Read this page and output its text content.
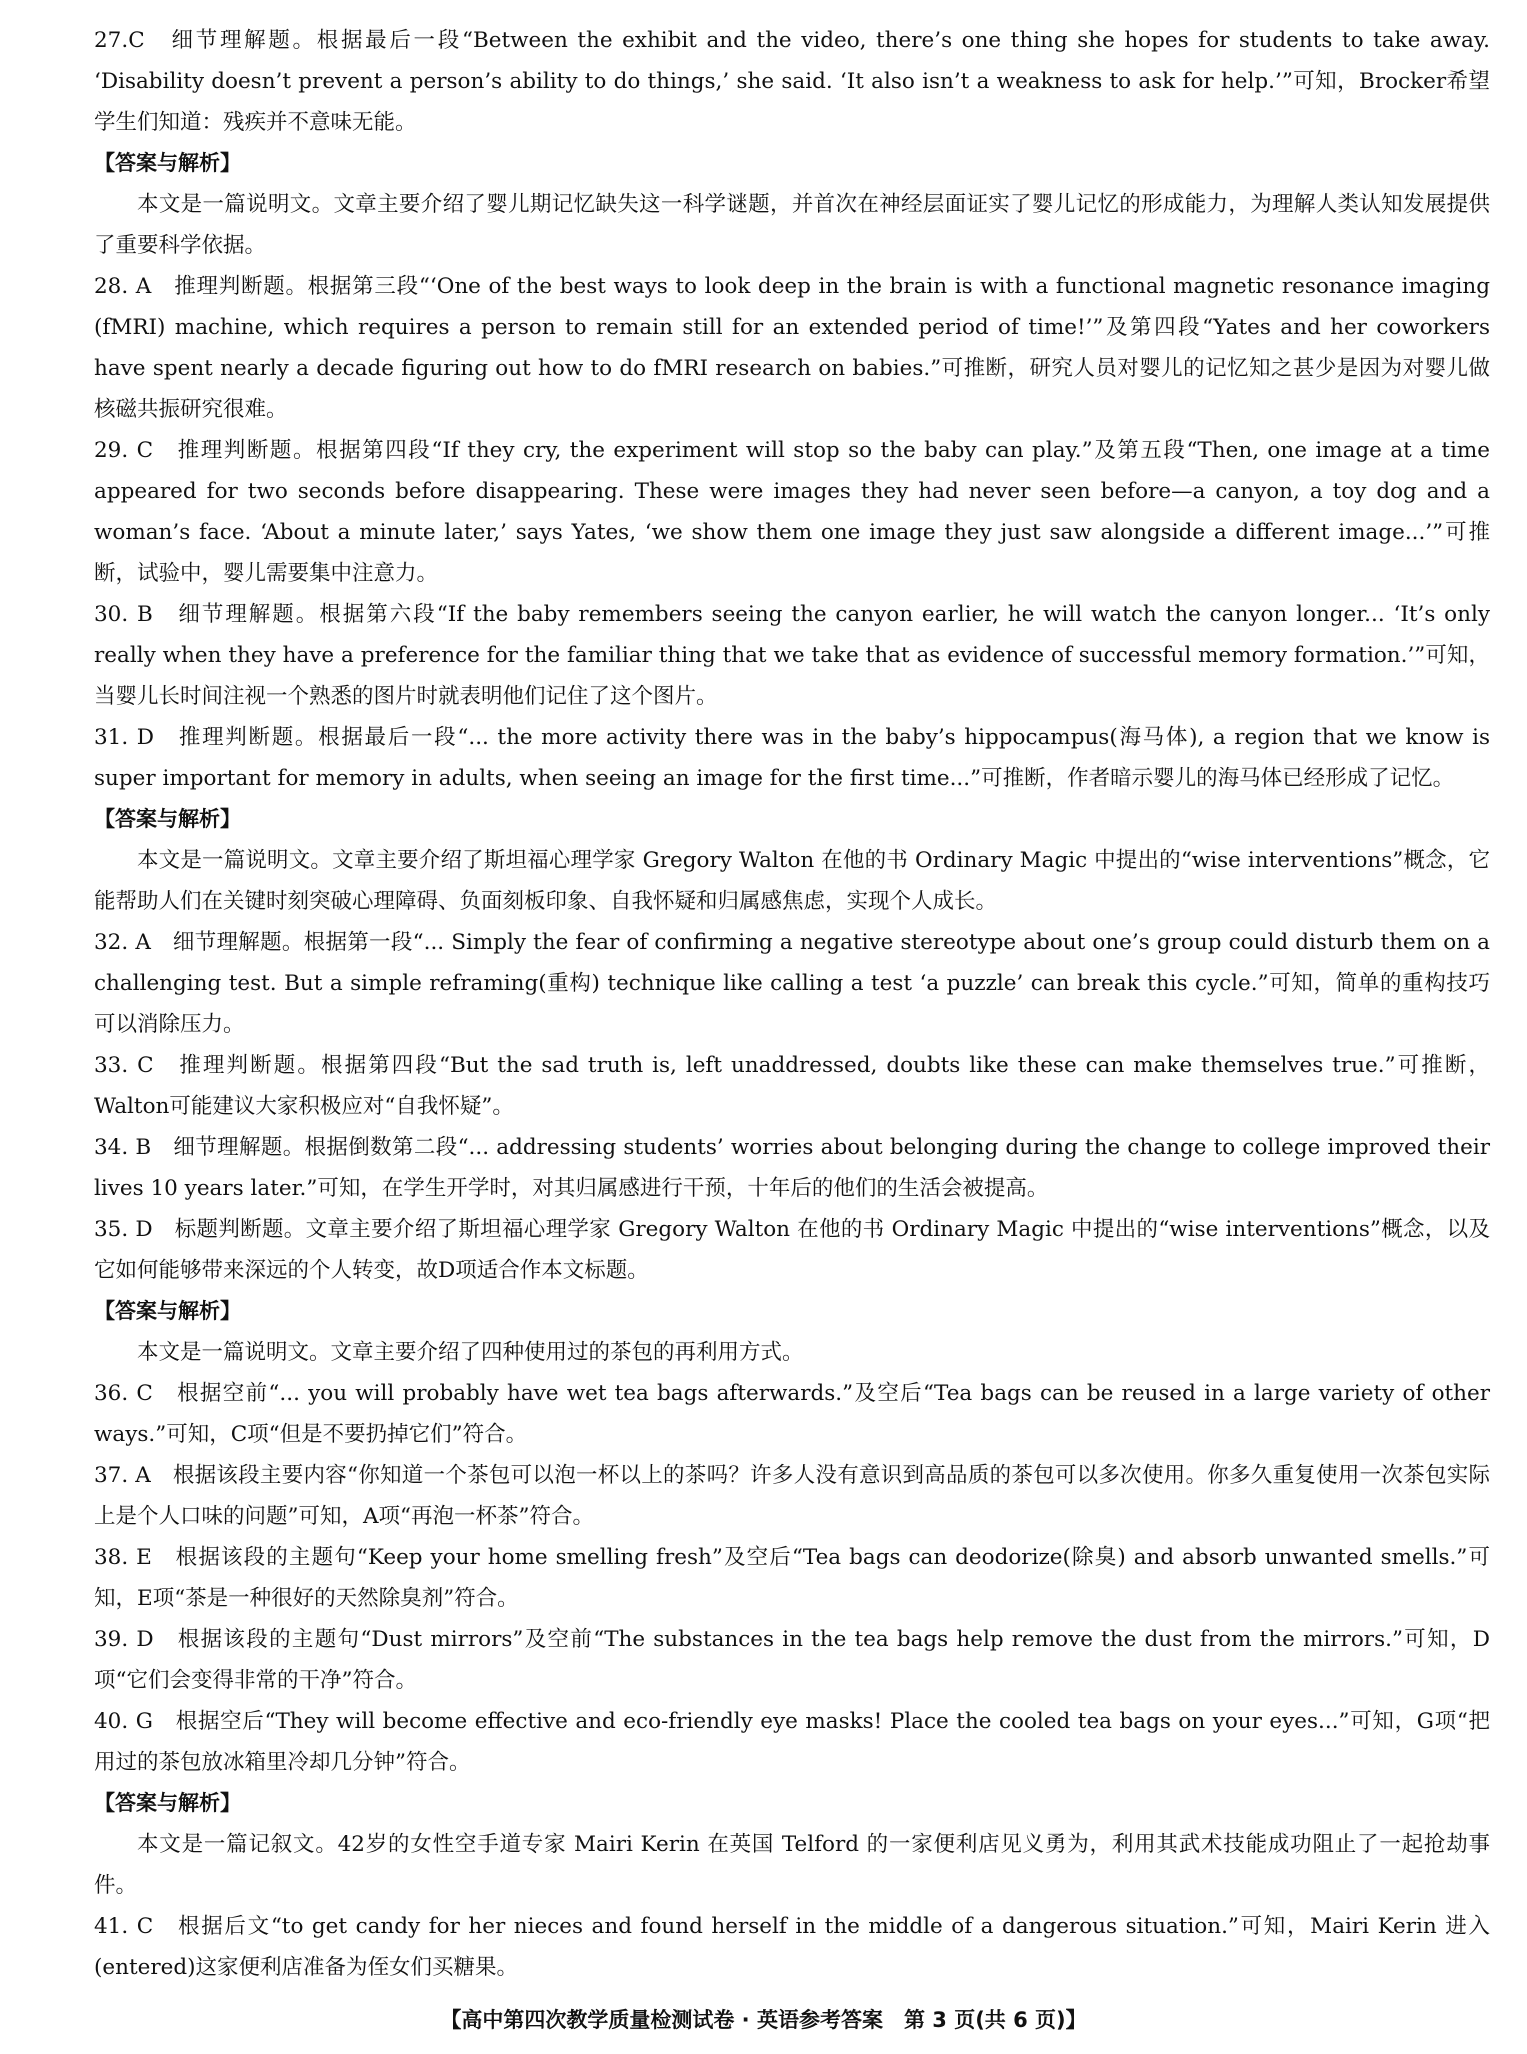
27.C　细节理解题。根据最后一段“Between the exhibit and the video, there’s one thing she hopes for students to take away. ‘Disability doesn’t prevent a person’s ability to do things,’ she said. ‘It also isn’t a weakness to ask for help.’”可知，Brocker希望学生们知道：残疾并不意味无能。
【答案与解析】
本文是一篇说明文。文章主要介绍了婴儿期记忆缺失这一科学谜题，并首次在神经层面证实了婴儿记忆的形成能力，为理解人类认知发展提供了重要科学依据。
28. A　推理判断题。根据第三段“‘One of the best ways to look deep in the brain is with a functional magnetic resonance imaging (fMRI) machine, which requires a person to remain still for an extended period of time!’”及第四段“Yates and her coworkers have spent nearly a decade figuring out how to do fMRI research on babies.”可推断，研究人员对婴儿的记忆知之甚少是因为对婴儿做核磁共振研究很难。
29. C　推理判断题。根据第四段“If they cry, the experiment will stop so the baby can play.”及第五段“Then, one image at a time appeared for two seconds before disappearing. These were images they had never seen before—a canyon, a toy dog and a woman’s face. ‘About a minute later,’ says Yates, ‘we show them one image they just saw alongside a different image...’”可推断，试验中，婴儿需要集中注意力。
30. B　细节理解题。根据第六段“If the baby remembers seeing the canyon earlier, he will watch the canyon longer... ‘It’s only really when they have a preference for the familiar thing that we take that as evidence of successful memory formation.’”可知，当婴儿长时间注视一个熟悉的图片时就表明他们记住了这个图片。
31. D　推理判断题。根据最后一段“... the more activity there was in the baby’s hippocampus(海马体), a region that we know is super important for memory in adults, when seeing an image for the first time...”可推断，作者暗示婴儿的海马体已经形成了记忆。
【答案与解析】
本文是一篇说明文。文章主要介绍了斯坦福心理学家 Gregory Walton 在他的书 Ordinary Magic 中提出的“wise interventions”概念，它能帮助人们在关键时刻突破心理障碍、负面刻板印象、自我怀疑和归属感焦虑，实现个人成长。
32. A　细节理解题。根据第一段“... Simply the fear of confirming a negative stereotype about one’s group could disturb them on a challenging test. But a simple reframing(重构) technique like calling a test ‘a puzzle’ can break this cycle.”可知，简单的重构技巧可以消除压力。
33. C　推理判断题。根据第四段“But the sad truth is, left unaddressed, doubts like these can make themselves true.”可推断，Walton可能建议大家积极应对“自我怀疑”。
34. B　细节理解题。根据倒数第二段“... addressing students’ worries about belonging during the change to college improved their lives 10 years later.”可知，在学生开学时，对其归属感进行干预，十年后的他们的生活会被提高。
35. D　标题判断题。文章主要介绍了斯坦福心理学家 Gregory Walton 在他的书 Ordinary Magic 中提出的“wise interventions”概念，以及它如何能够带来深远的个人转变，故D项适合作本文标题。
【答案与解析】
本文是一篇说明文。文章主要介绍了四种使用过的茶包的再利用方式。
36. C　根据空前“... you will probably have wet tea bags afterwards.”及空后“Tea bags can be reused in a large variety of other ways.”可知，C项“但是不要扔掉它们”符合。
37. A　根据该段主要内容“你知道一个茶包可以泡一杯以上的茶吗？许多人没有意识到高品质的茶包可以多次使用。你多久重复使用一次茶包实际上是个人口味的问题”可知，A项“再泡一杯茶”符合。
38. E　根据该段的主题句“Keep your home smelling fresh”及空后“Tea bags can deodorize(除臭) and absorb unwanted smells.”可知，E项“茶是一种很好的天然除臭剂”符合。
39. D　根据该段的主题句“Dust mirrors”及空前“The substances in the tea bags help remove the dust from the mirrors.”可知，D项“它们会变得非常的干净”符合。
40. G　根据空后“They will become effective and eco-friendly eye masks! Place the cooled tea bags on your eyes...”可知，G项“把用过的茶包放冰箱里冷却几分钟”符合。
【答案与解析】
本文是一篇记叙文。42岁的女性空手道专家 Mairi Kerin 在英国 Telford 的一家便利店见义勇为，利用其武术技能成功阻止了一起抢劫事件。
41. C　根据后文“to get candy for her nieces and found herself in the middle of a dangerous situation.”可知，Mairi Kerin 进入(entered)这家便利店准备为侄女们买糖果。
【高中第四次教学质量检测试卷 · 英语参考答案　第 3 页(共 6 页)】
